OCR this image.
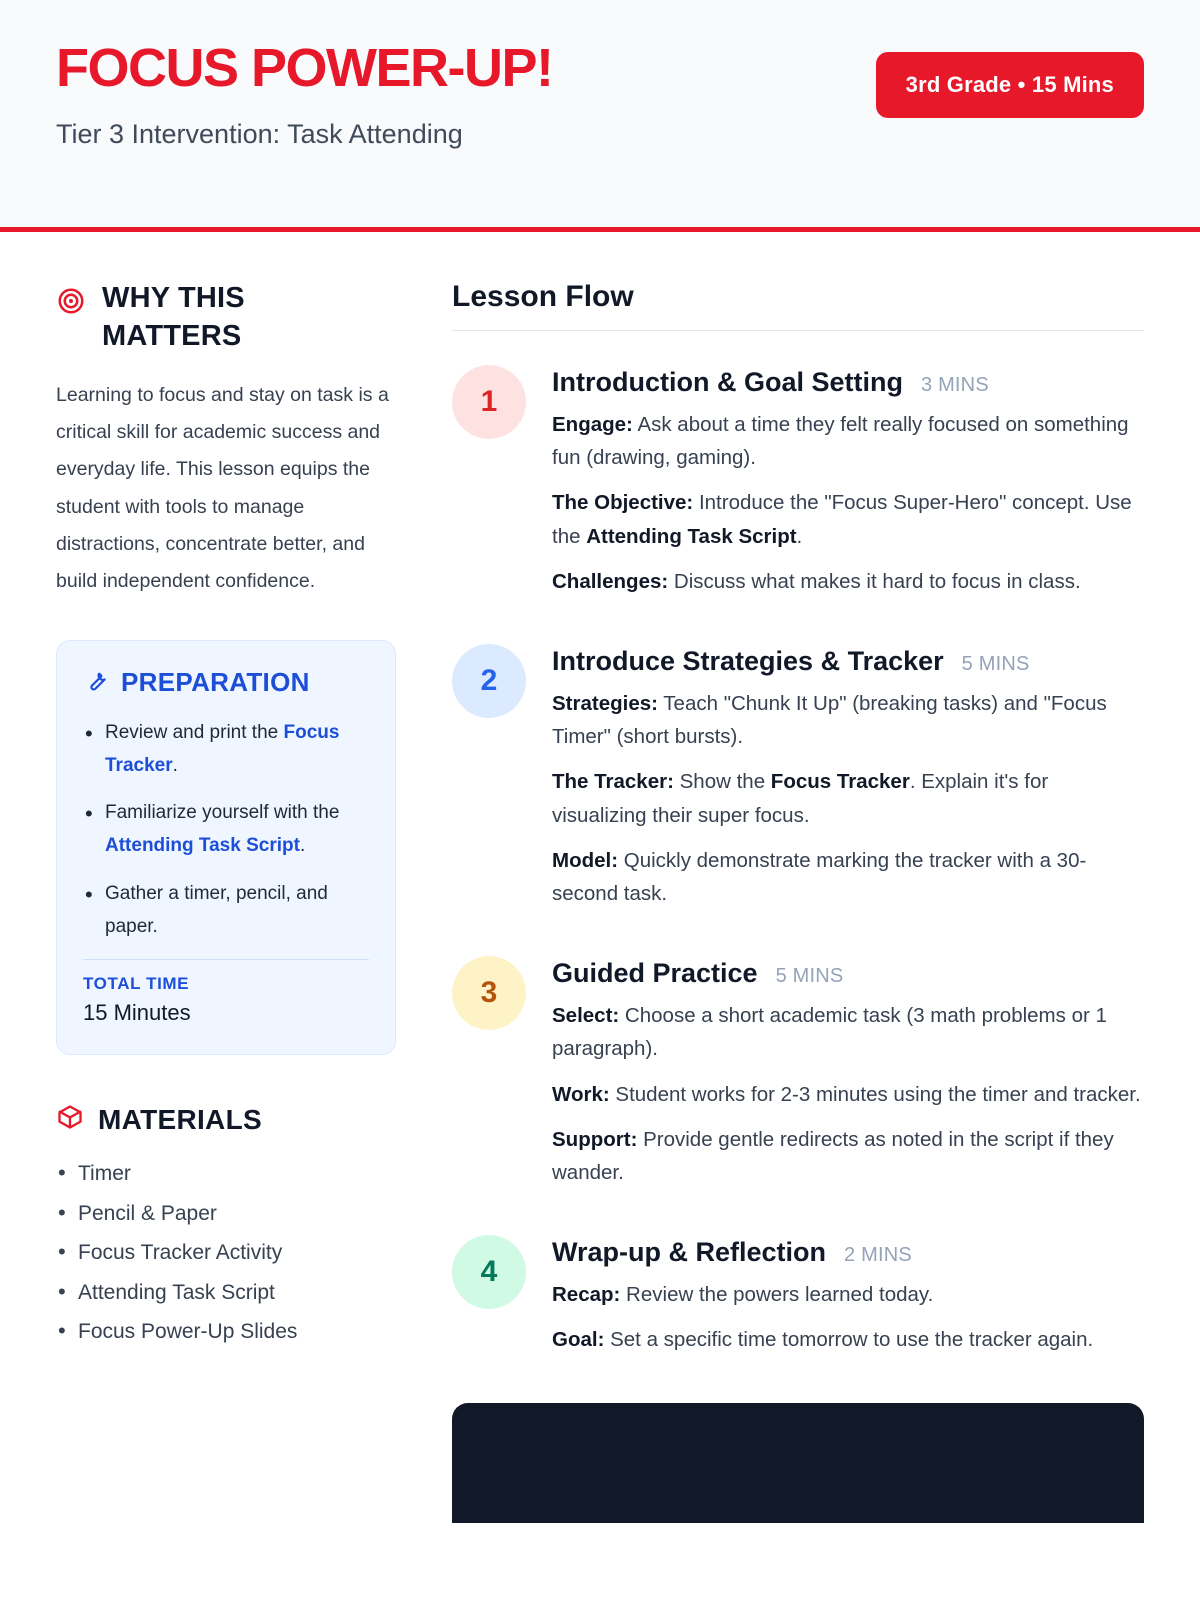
FOCUS POWER-UP!
Tier 3 Intervention: Task Attending
3rd Grade • 15 Mins
WHY THIS MATTERS

Learning to focus and stay on task is a critical skill for academic success and everyday life. This lesson equips the student with tools to manage distractions, concentrate better, and build independent confidence.

PREPARATION
• Review and print the Focus Tracker.
• Familiarize yourself with the Attending Task Script.
• Gather a timer, pencil, and paper.
TOTAL TIME
15 Minutes
MATERIALS
• Timer
• Pencil & Paper
• Focus Tracker Activity
• Attending Task Script
• Focus Power-Up Slides
Lesson Flow
1
Introduction & Goal Setting 3 MINS

Engage: Ask about a time they felt really focused on something fun (drawing, gaming).

The Objective: Introduce the "Focus Super-Hero" concept. Use the Attending Task Script.

Challenges: Discuss what makes it hard to focus in class.

2
Introduce Strategies & Tracker 5 MINS

Strategies: Teach "Chunk It Up" (breaking tasks) and "Focus Timer" (short bursts).

The Tracker: Show the Focus Tracker. Explain it's for visualizing their super focus.

Model: Quickly demonstrate marking the tracker with a 30-second task.

3
Guided Practice 5 MINS

Select: Choose a short academic task (3 math problems or 1 paragraph).

Work: Student works for 2-3 minutes using the timer and tracker.

Support: Provide gentle redirects as noted in the script if they wander.

4
Wrap-up & Reflection 2 MINS

Recap: Review the powers learned today.

Goal: Set a specific time tomorrow to use the tracker again.
